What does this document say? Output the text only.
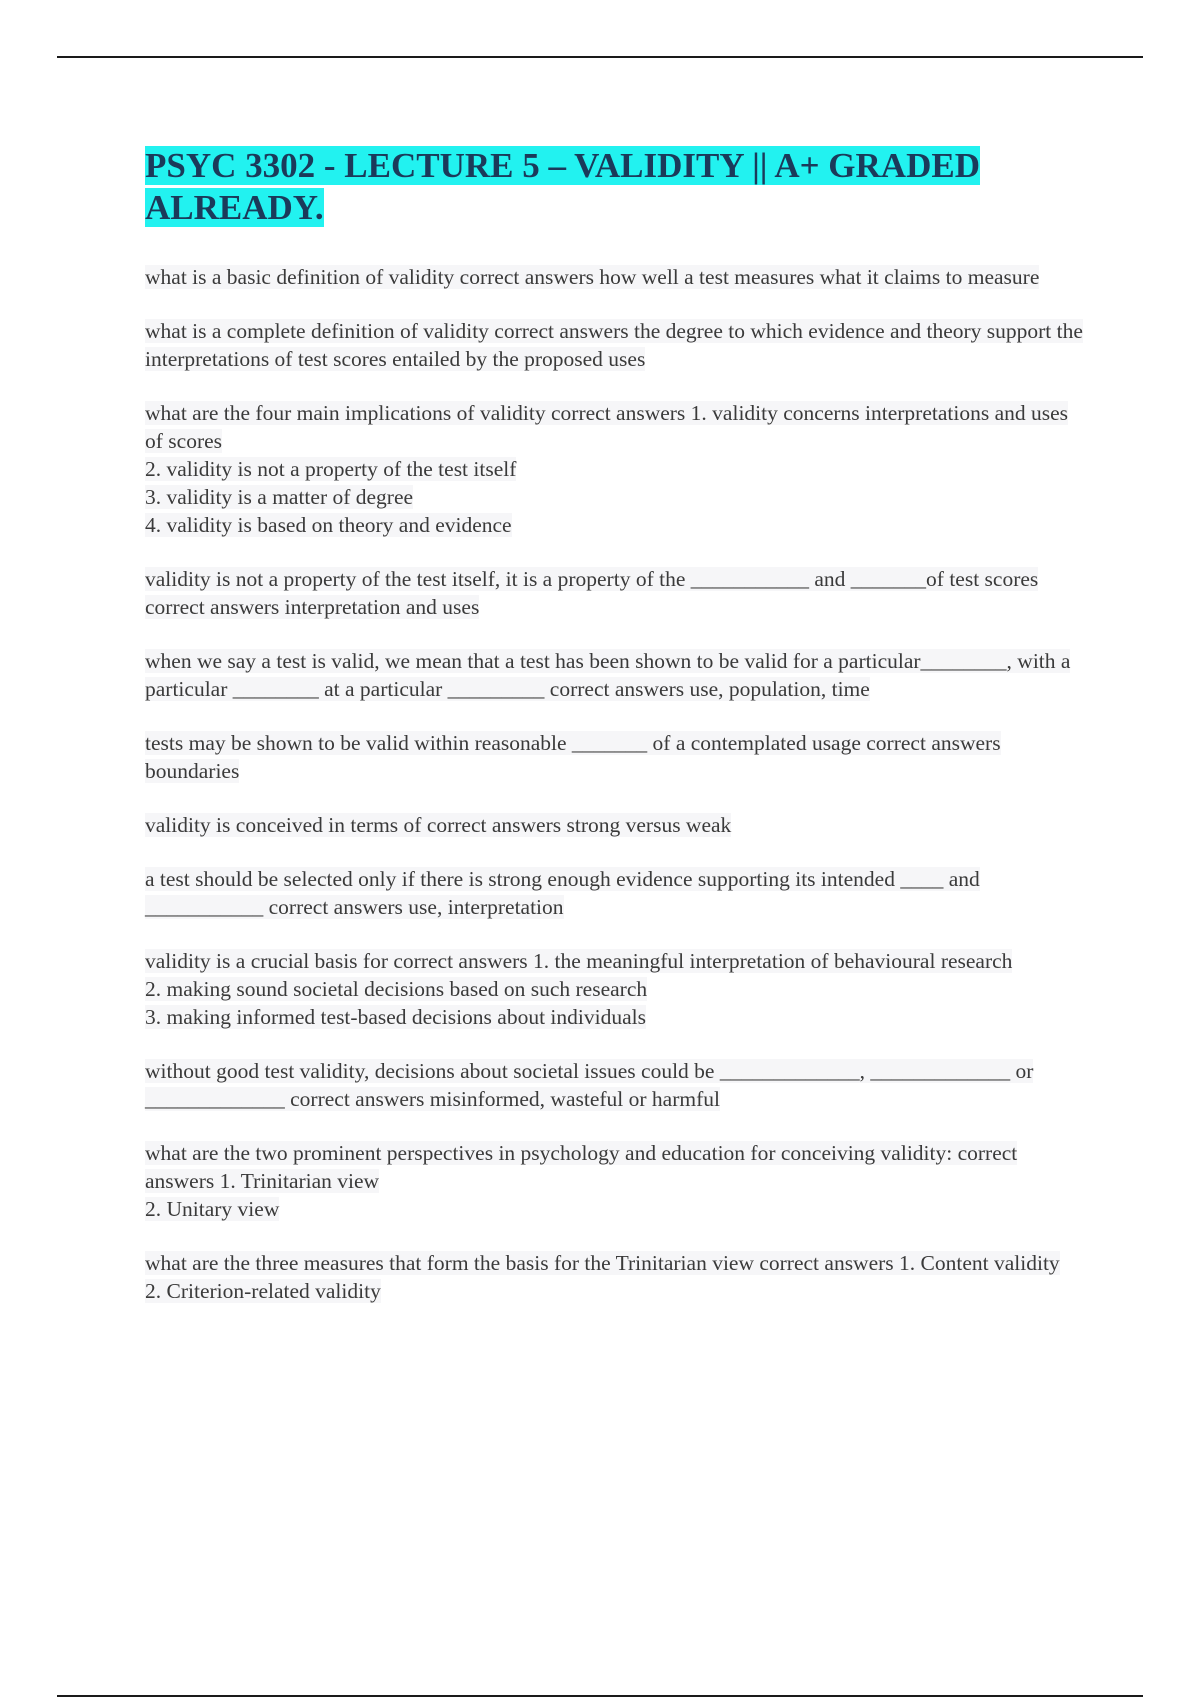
PSYC 3302 - LECTURE 5 – VALIDITY || A+ GRADED ALREADY.

what is a basic definition of validity correct answers how well a test measures what it claims to measure

what is a complete definition of validity correct answers the degree to which evidence and theory support the interpretations of test scores entailed by the proposed uses

what are the four main implications of validity correct answers 1. validity concerns interpretations and uses of scores
2. validity is not a property of the test itself
3. validity is a matter of degree
4. validity is based on theory and evidence

validity is not a property of the test itself, it is a property of the ___________ and _______of test scores correct answers interpretation and uses

when we say a test is valid, we mean that a test has been shown to be valid for a particular________, with a particular ________ at a particular _________ correct answers use, population, time

tests may be shown to be valid within reasonable _______ of a contemplated usage correct answers boundaries

validity is conceived in terms of correct answers strong versus weak

a test should be selected only if there is strong enough evidence supporting its intended ____ and ___________ correct answers use, interpretation

validity is a crucial basis for correct answers 1. the meaningful interpretation of behavioural research
2. making sound societal decisions based on such research
3. making informed test-based decisions about individuals

without good test validity, decisions about societal issues could be _____________, _____________ or _____________ correct answers misinformed, wasteful or harmful

what are the two prominent perspectives in psychology and education for conceiving validity: correct answers 1. Trinitarian view
2. Unitary view

what are the three measures that form the basis for the Trinitarian view correct answers 1. Content validity
2. Criterion-related validity
